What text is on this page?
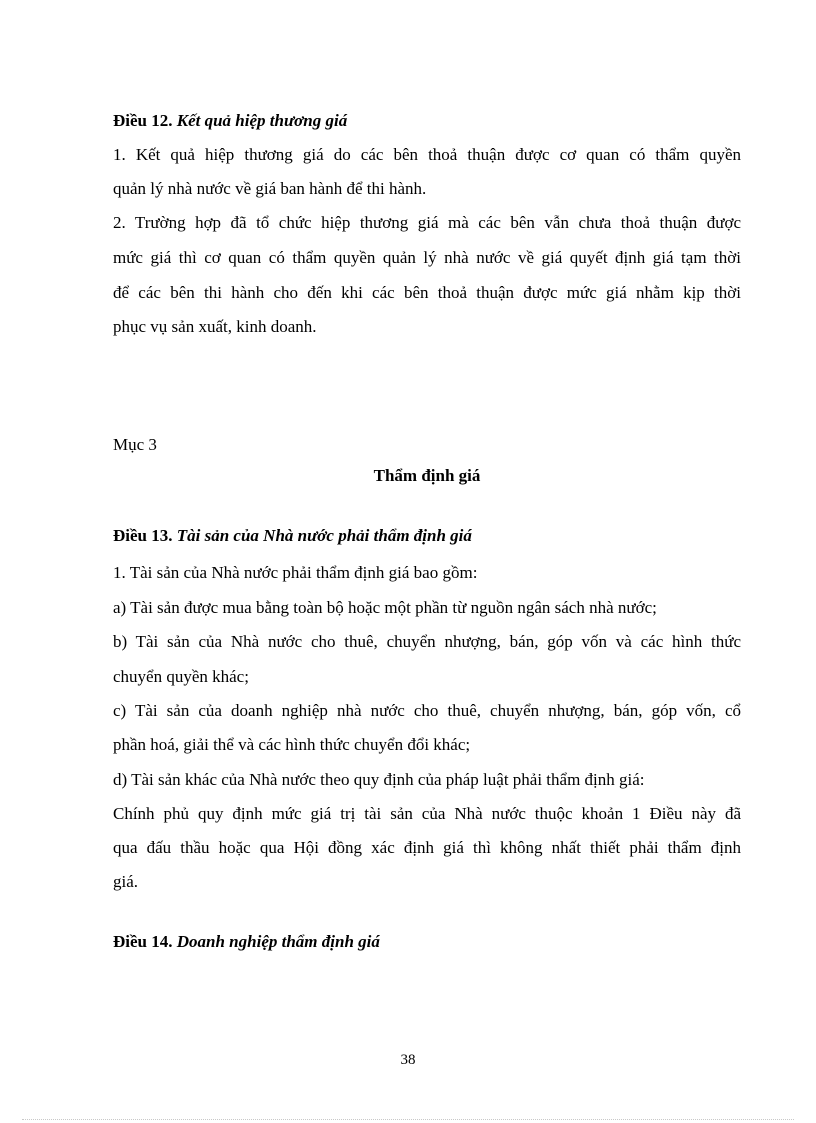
Điều 12. Kết quả hiệp thương giá
1. Kết quả hiệp thương giá do các bên thoả thuận được cơ quan có thẩm quyền
quản lý nhà nước về giá ban hành để thi hành.
2. Trường hợp đã tổ chức hiệp thương giá mà các bên vẫn chưa thoả thuận được
mức giá thì cơ quan có thẩm quyền quản lý nhà nước về giá quyết định giá tạm thời
để các bên thi hành cho đến khi các bên thoả thuận được mức giá nhằm kịp thời
phục vụ sản xuất, kinh doanh.
Mục 3
Thẩm định giá
Điều 13. Tài sản của Nhà nước phải thẩm định giá
1. Tài sản của Nhà nước phải thẩm định giá bao gồm:
a) Tài sản được mua bằng toàn bộ hoặc một phần từ nguồn ngân sách nhà nước;
b) Tài sản của Nhà nước cho thuê, chuyển nhượng, bán, góp vốn và các hình thức
chuyển quyền khác;
c) Tài sản của doanh nghiệp nhà nước cho thuê, chuyển nhượng, bán, góp vốn, cổ
phần hoá, giải thể và các hình thức chuyển đổi khác;
d) Tài sản khác của Nhà nước theo quy định của pháp luật phải thẩm định giá:
Chính phủ quy định mức giá trị tài sản của Nhà nước thuộc khoản 1 Điều này đã
qua đấu thầu hoặc qua Hội đồng xác định giá thì không nhất thiết phải thẩm định
giá.
Điều 14. Doanh nghiệp thẩm định giá
38
